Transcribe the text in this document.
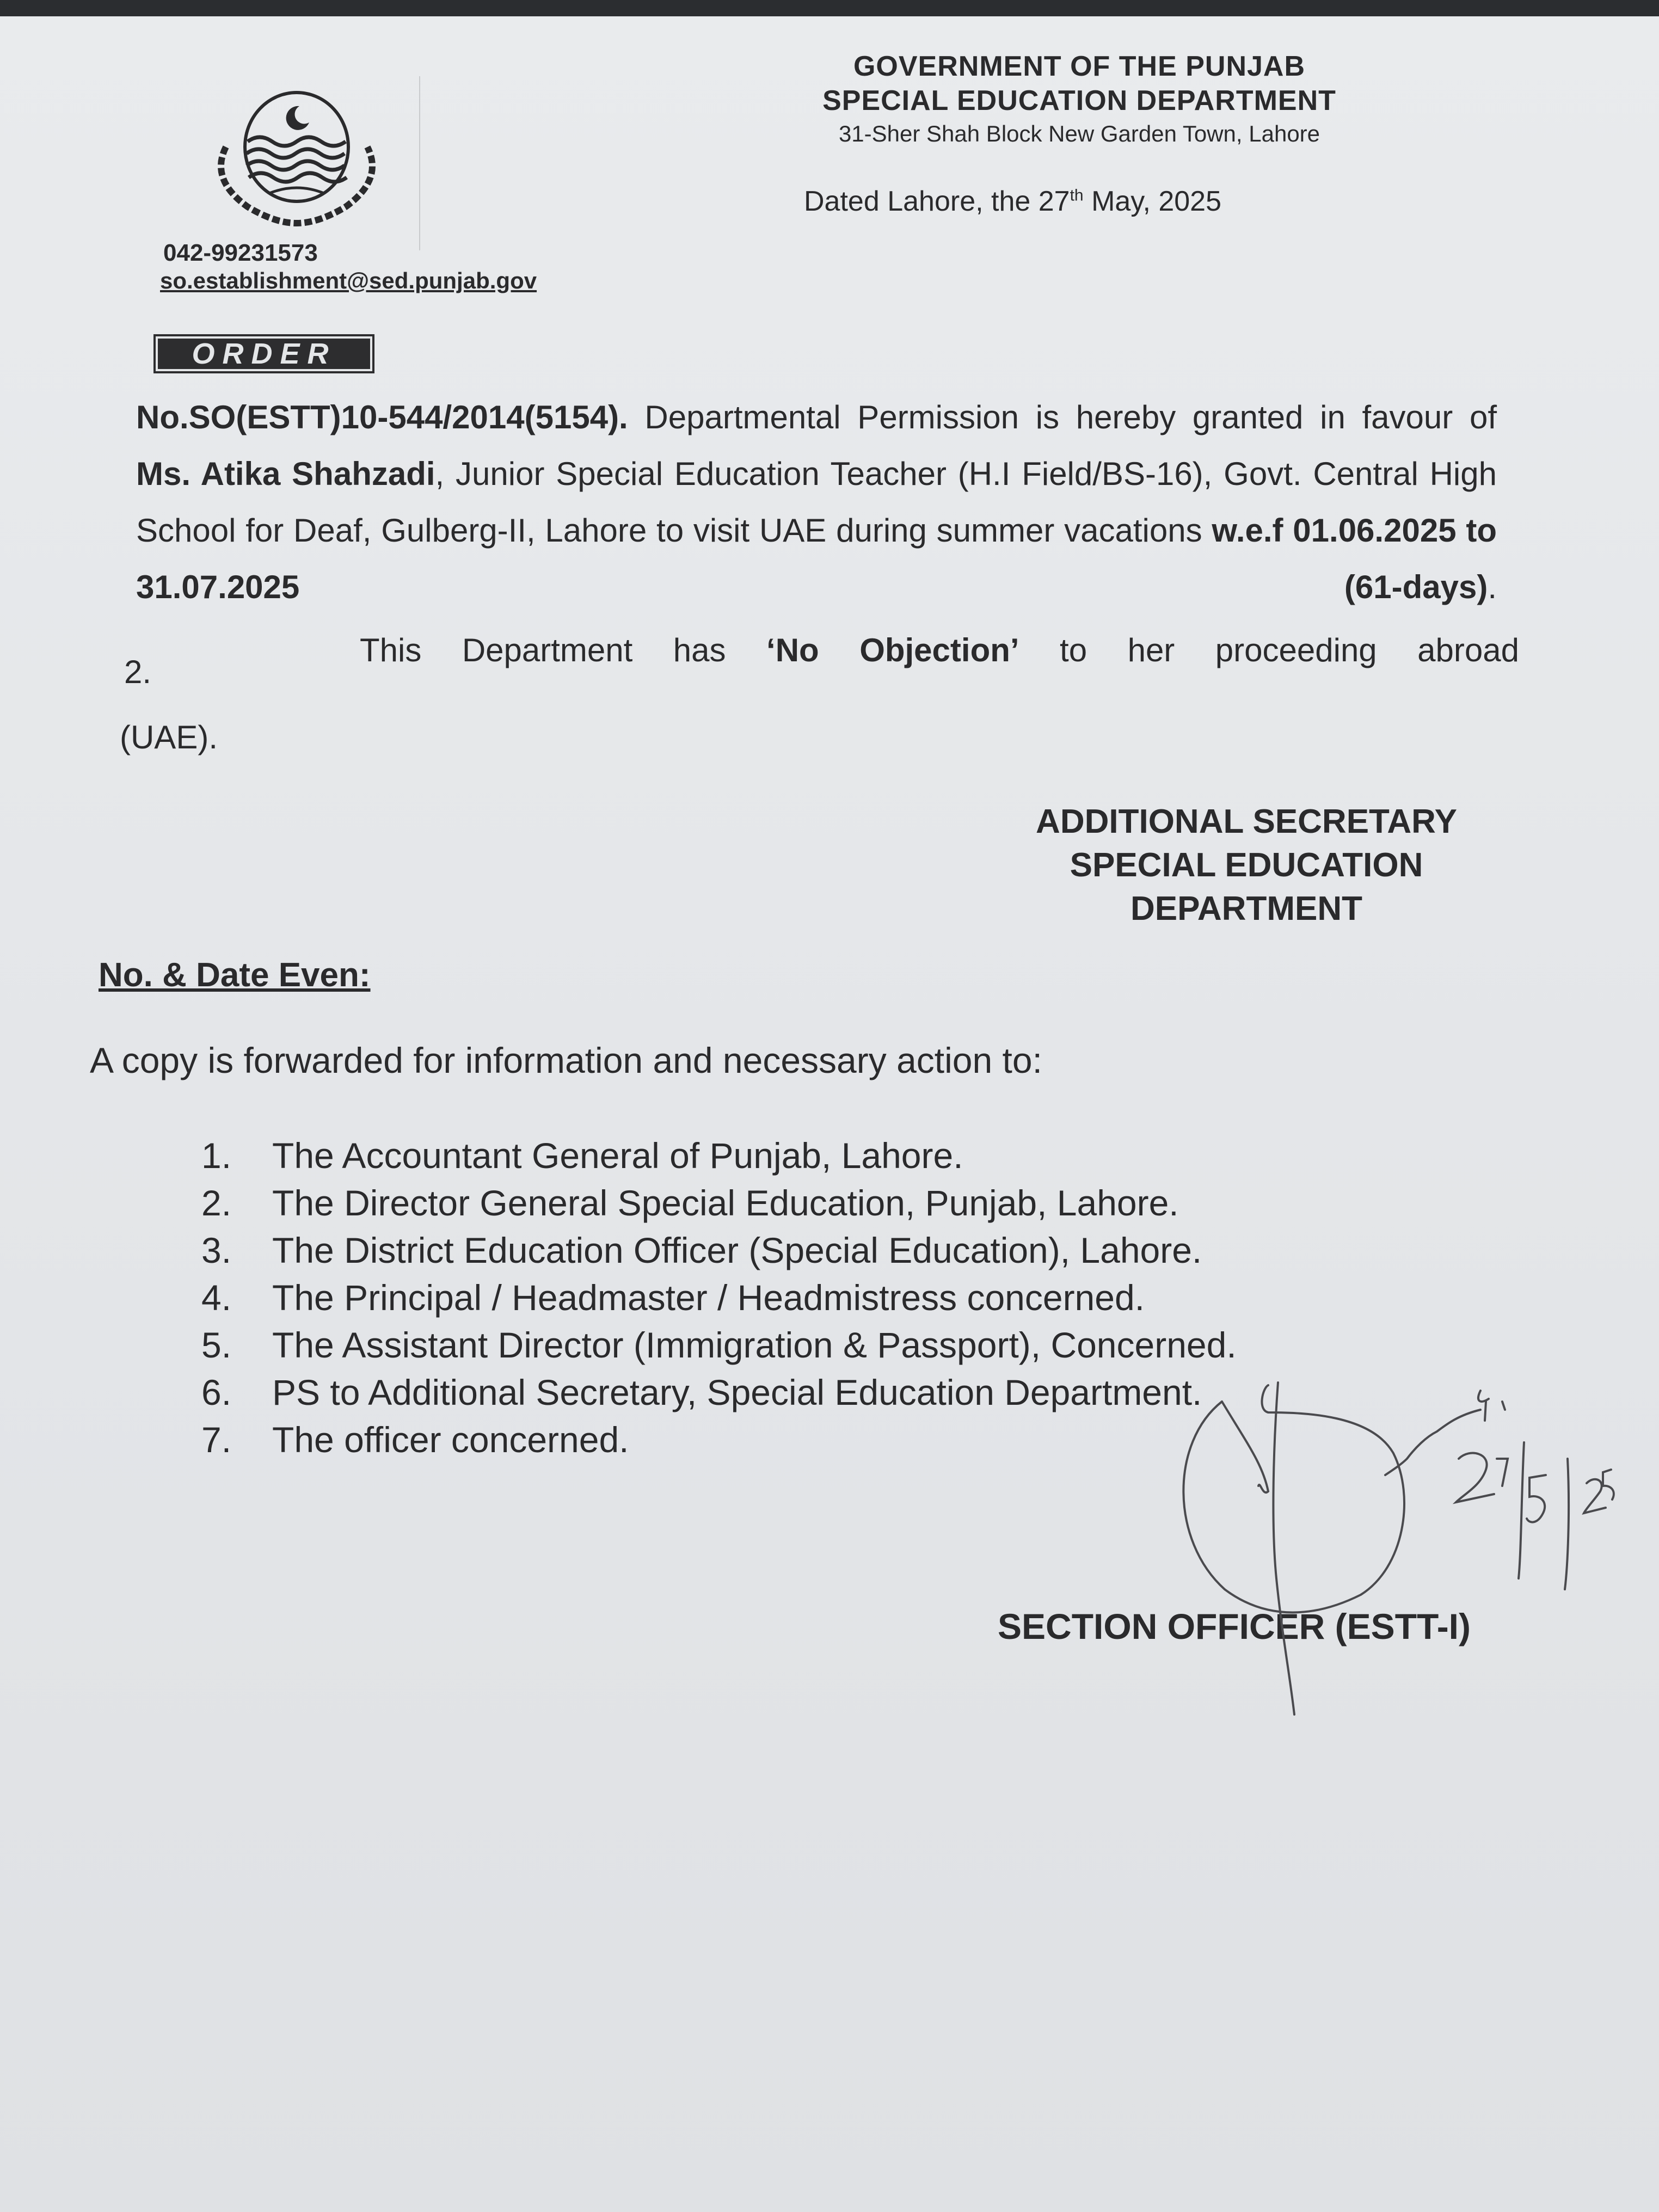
GOVERNMENT OF THE PUNJAB
SPECIAL EDUCATION DEPARTMENT
31-Sher Shah Block New Garden Town, Lahore
Dated Lahore, the 27th May, 2025
042-99231573
so.establishment@sed.punjab.gov
ORDER
No.SO(ESTT)10-544/2014(5154). Departmental Permission is hereby granted in favour of Ms. Atika Shahzadi, Junior Special Education Teacher (H.I Field/BS-16), Govt. Central High School for Deaf, Gulberg-II, Lahore to visit UAE during summer vacations w.e.f 01.06.2025 to 31.07.2025 (61-days).
2.
This Department has ‘No Objection’ to her proceeding abroad
(UAE).
ADDITIONAL SECRETARY
SPECIAL EDUCATION
DEPARTMENT
No. & Date Even:
A copy is forwarded for information and necessary action to:
1.	The Accountant General of Punjab, Lahore.
2.	The Director General Special Education, Punjab, Lahore.
3.	The District Education Officer (Special Education), Lahore.
4.	The Principal / Headmaster / Headmistress concerned.
5.	The Assistant Director (Immigration & Passport), Concerned.
6.	PS to Additional Secretary, Special Education Department.
7.	The officer concerned.
SECTION OFFICER (ESTT-I)
